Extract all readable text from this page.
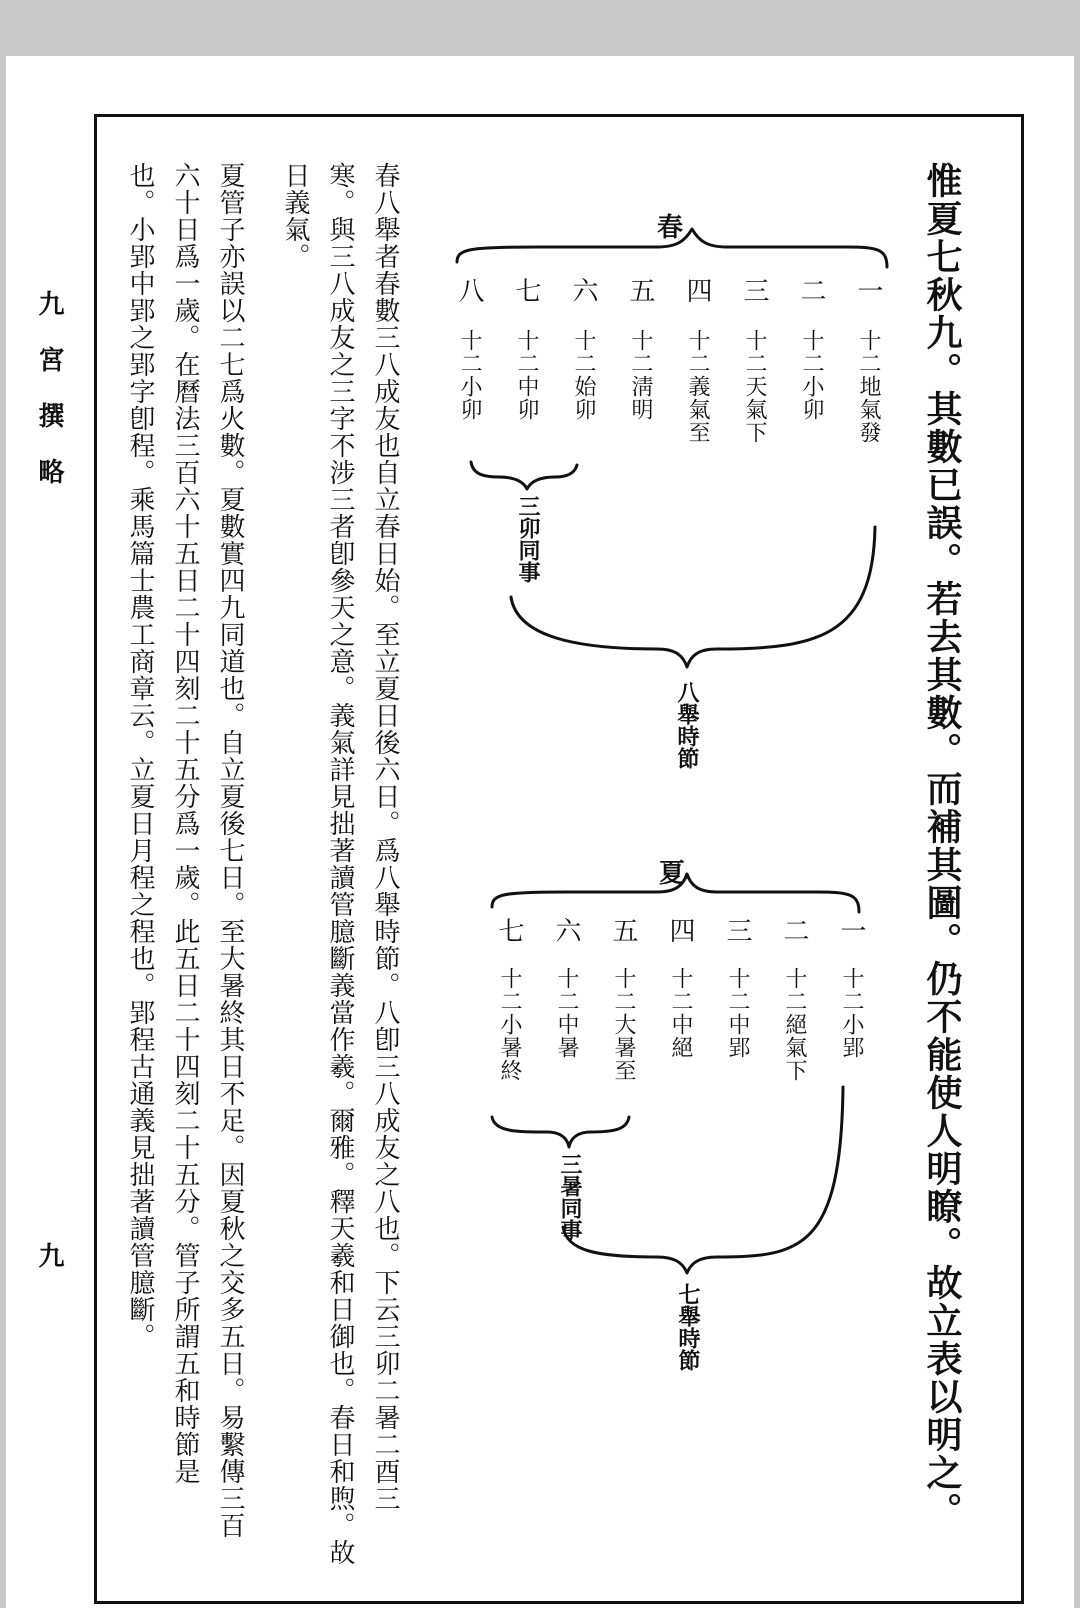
九宮撰略
九	惟夏七秋九。其數已誤。若去其數。而補其圖。仍不能使人明瞭。故立表以明之。
春
一
十二地氣發
二
十二小卯
三
十二天氣下
四
十二義氣至
五
十二淸明
六
十二始卯
七
十二中卯
八
十二小卯
三卯同事
八舉時節
夏
一
十二小郢
二
十二絕氣下
三
十二中郢
四
十二中絕
五
十二大暑至
六
十二中暑
七
十二小暑終
三暑同事
七舉時節
春八舉者春數三八成友也自立春日始。至立夏日後六日。爲八舉時節。八卽三八成友之八也。下云三卯二暑二酉三
寒。與三八成友之三字不涉三者卽參天之意。義氣詳見拙著讀管臆斷義當作羲。爾雅。釋天羲和日御也。春日和煦。故
日義氣。
夏管子亦誤以二七爲火數。夏數實四九同道也。自立夏後七日。至大暑終其日不足。因夏秋之交多五日。易繫傳三百
六十日爲一歲。在曆法三百六十五日二十四刻二十五分爲一歲。此五日二十四刻二十五分。管子所謂五和時節是
也。小郢中郢之郢字卽程。乘馬篇士農工商章云。立夏日月程之程也。郢程古通義見拙著讀管臆斷。
